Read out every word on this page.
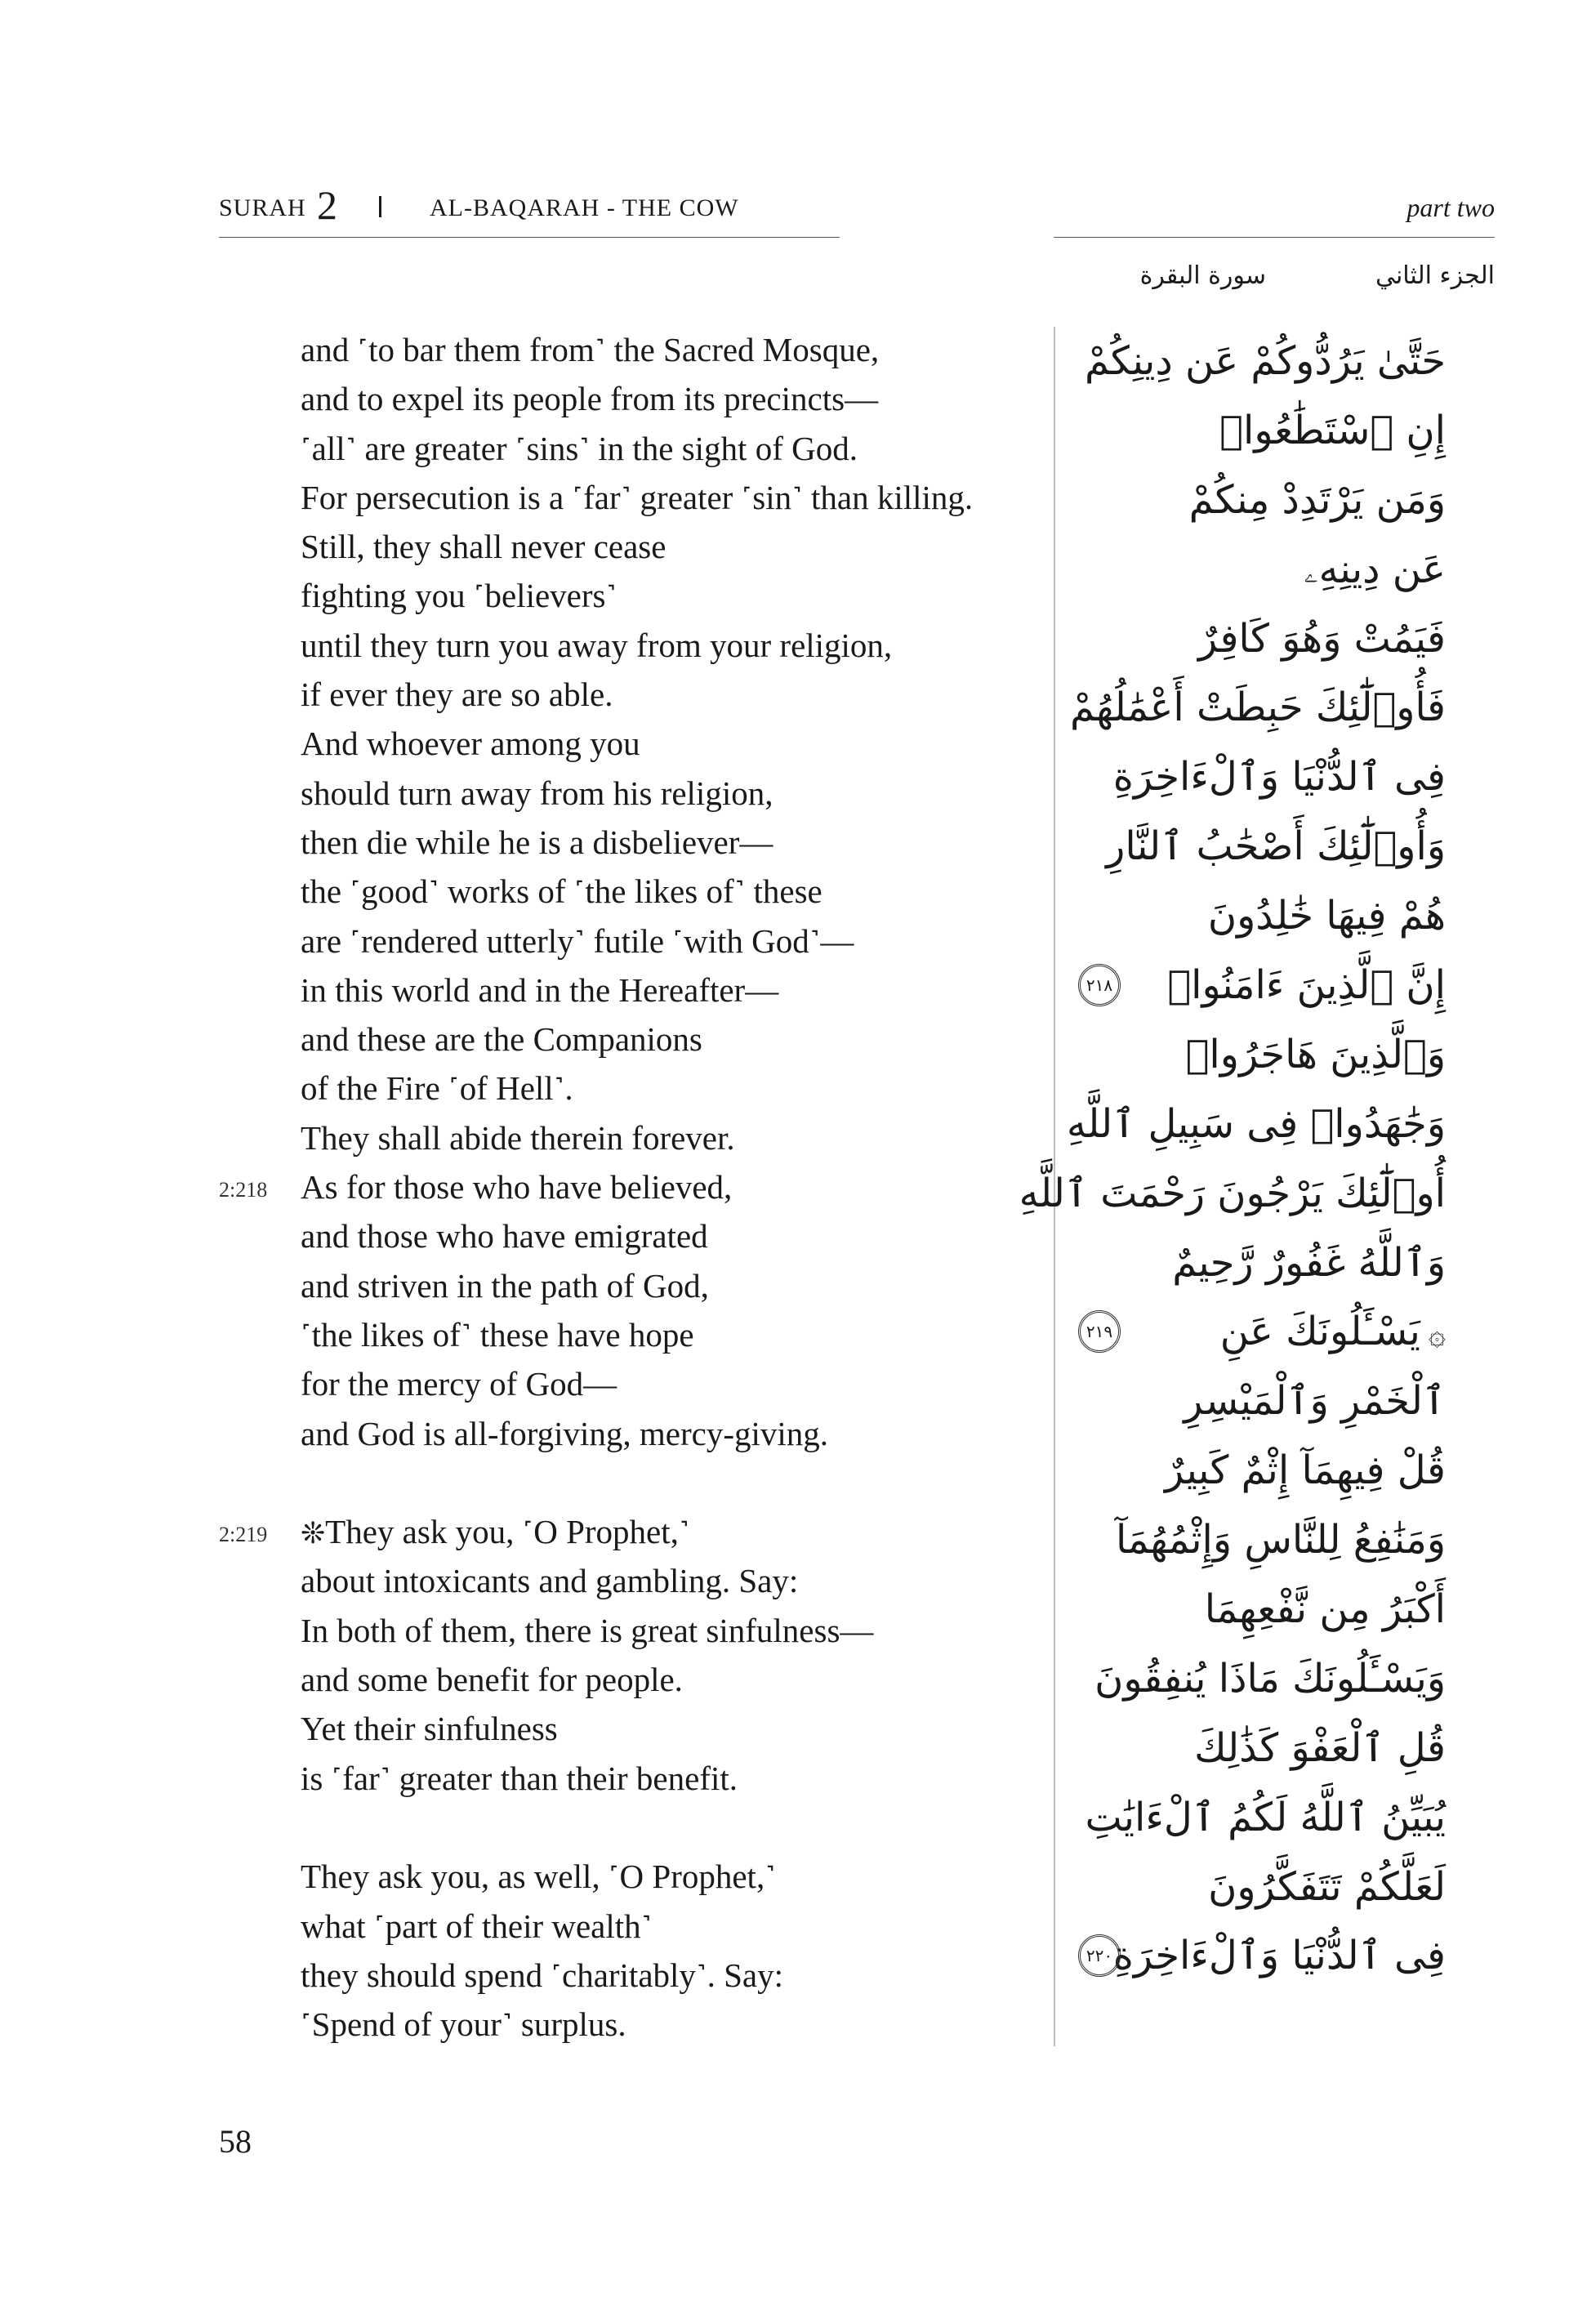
SURAH 2	AL-BAQARAH - THE COW	part two
الجزء الثاني
سورة البقرة
and ˹to bar them from˺ the Sacred Mosque,
and to expel its people from its precincts—
˹all˺ are greater ˹sins˺ in the sight of God.
For persecution is a ˹far˺ greater ˹sin˺ than killing.
Still, they shall never cease
fighting you ˹believers˺
until they turn you away from your religion,
if ever they are so able.
And whoever among you
should turn away from his religion,
then die while he is a disbeliever—
the ˹good˺ works of ˹the likes of˺ these
are ˹rendered utterly˺ futile ˹with God˺—
in this world and in the Hereafter—
and these are the Companions
of the Fire ˹of Hell˺.
They shall abide therein forever.
2:218 As for those who have believed,
and those who have emigrated
and striven in the path of God,
˹the likes of˺ these have hope
for the mercy of God—
and God is all-forgiving, mercy-giving.
2:219 ❊They ask you, ˹O Prophet,˺
about intoxicants and gambling. Say:
In both of them, there is great sinfulness—
and some benefit for people.
Yet their sinfulness
is ˹far˺ greater than their benefit.
They ask you, as well, ˹O Prophet,˺
what ˹part of their wealth˺
they should spend ˹charitably˺. Say:
˹Spend of your˺ surplus.
حَتَّىٰ يَرُدُّوكُمْ عَن دِينِكُمْ
إِنِ ٱسْتَطَٰعُوا۟
وَمَن يَرْتَدِدْ مِنكُمْ
عَن دِينِهِۦ
فَيَمُتْ وَهُوَ كَافِرٌ
فَأُو۟لَٰٓئِكَ حَبِطَتْ أَعْمَٰلُهُمْ
فِى ٱلدُّنْيَا وَٱلْءَاخِرَةِ
وَأُو۟لَٰٓئِكَ أَصْحَٰبُ ٱلنَّارِ
هُمْ فِيهَا خَٰلِدُونَ
٢١٨ إِنَّ ٱلَّذِينَ ءَامَنُوا۟
وَٱلَّذِينَ هَاجَرُوا۟
وَجَٰهَدُوا۟ فِى سَبِيلِ ٱللَّهِ
أُو۟لَٰٓئِكَ يَرْجُونَ رَحْمَتَ ٱللَّهِ
وَٱللَّهُ غَفُورٌ رَّحِيمٌ
٢١٩	۞يَسْـَٔلُونَكَ عَنِ
ٱلْخَمْرِ وَٱلْمَيْسِرِ
قُلْ فِيهِمَآ إِثْمٌ كَبِيرٌ
وَمَنَٰفِعُ لِلنَّاسِ وَإِثْمُهُمَآ
أَكْبَرُ مِن نَّفْعِهِمَا
وَيَسْـَٔلُونَكَ مَاذَا يُنفِقُونَ
قُلِ ٱلْعَفْوَ كَذَٰلِكَ
يُبَيِّنُ ٱللَّهُ لَكُمُ ٱلْءَايَٰتِ
لَعَلَّكُمْ تَتَفَكَّرُونَ
٢٢٠ فِى ٱلدُّنْيَا وَٱلْءَاخِرَةِ
58
